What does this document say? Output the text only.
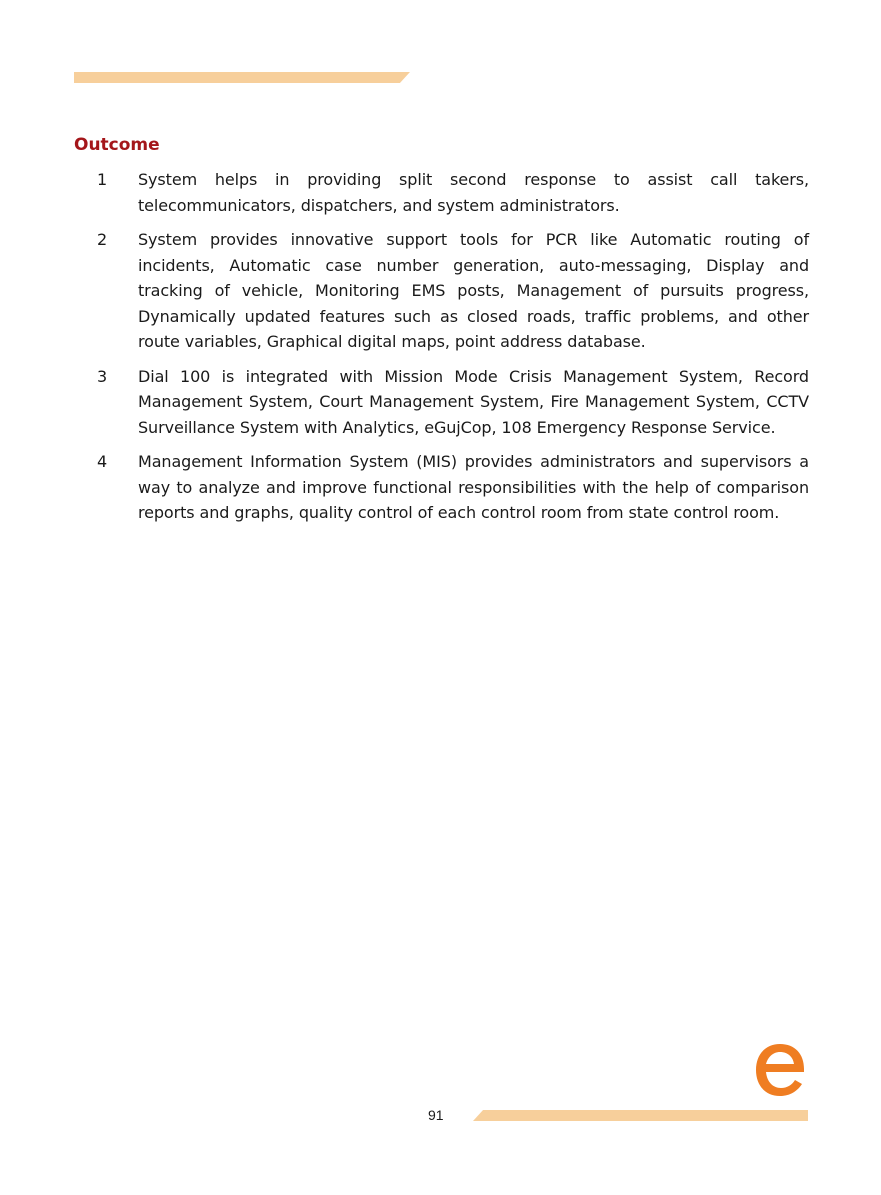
Outcome
1	System helps in providing split second response to assist call takers, telecommunicators, dispatchers, and system administrators.
2	System provides innovative support tools for PCR like Automatic routing of incidents, Automatic case number generation, auto-messaging, Display and tracking of vehicle, Monitoring EMS posts, Management of pursuits progress, Dynamically updated features such as closed roads, traffic problems, and other route variables, Graphical digital maps, point address database.
3	Dial 100 is integrated with Mission Mode Crisis Management System, Record Management System, Court Management System, Fire Management System, CCTV Surveillance System with Analytics, eGujCop, 108 Emergency Response Service.
4	Management Information System (MIS) provides administrators and supervisors a way to analyze and improve functional responsibilities with the help of comparison reports and graphs, quality control of each control room from state control room.
91
